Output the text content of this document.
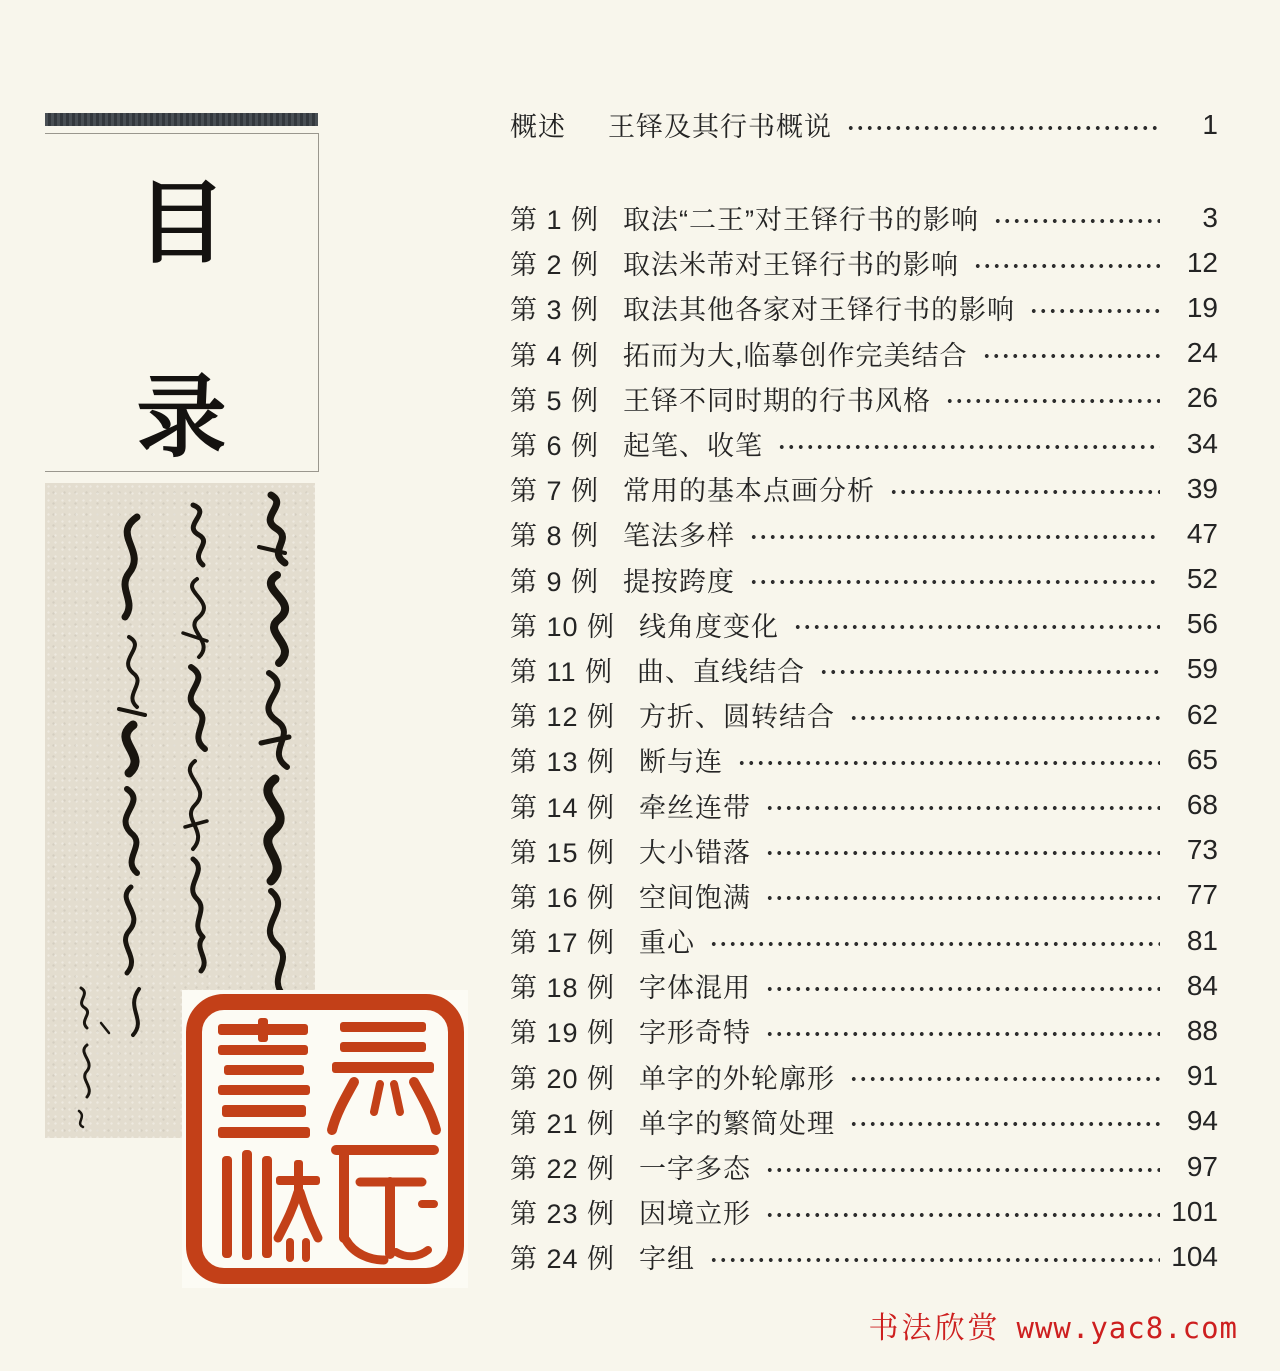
目
录
概述 王铎及其行书概说	1
第 1 例 取法“二王”对王铎行书的影响	3
第 2 例 取法米芾对王铎行书的影响	12
第 3 例 取法其他各家对王铎行书的影响	19
第 4 例 拓而为大,临摹创作完美结合	24
第 5 例 王铎不同时期的行书风格	26
第 6 例 起笔、收笔	34
第 7 例 常用的基本点画分析	39
第 8 例 笔法多样	47
第 9 例 提按跨度	52
第 10 例 线角度变化	56
第 11 例 曲、直线结合	59
第 12 例 方折、圆转结合	62
第 13 例 断与连	65
第 14 例 牵丝连带	68
第 15 例 大小错落	73
第 16 例 空间饱满	77
第 17 例 重心	81
第 18 例 字体混用	84
第 19 例 字形奇特	88
第 20 例 单字的外轮廓形	91
第 21 例 单字的繁简处理	94
第 22 例 一字多态	97
第 23 例 因境立形	101
第 24 例 字组	104
书法欣赏 www.yac8.com
